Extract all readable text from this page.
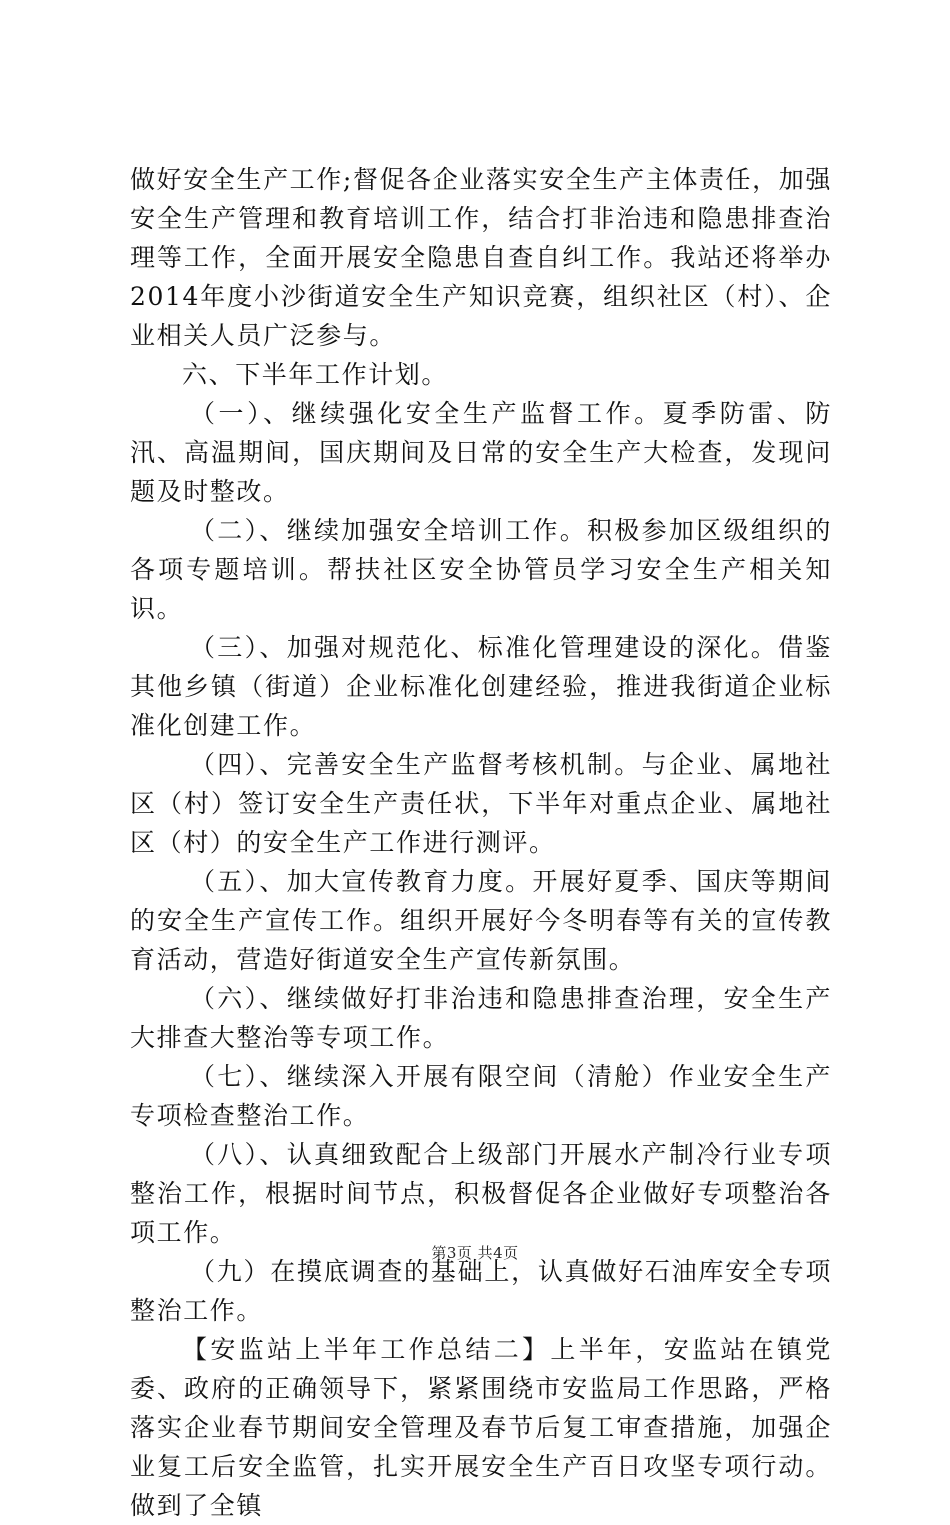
做好安全生产工作;督促各企业落实安全生产主体责任，加强安全生产管理和教育培训工作，结合打非治违和隐患排查治理等工作，全面开展安全隐患自查自纠工作。我站还将举办2014年度小沙街道安全生产知识竞赛，组织社区（村）、企业相关人员广泛参与。

六、下半年工作计划。

（一）、继续强化安全生产监督工作。夏季防雷、防汛、高温期间，国庆期间及日常的安全生产大检查，发现问题及时整改。

（二）、继续加强安全培训工作。积极参加区级组织的各项专题培训。帮扶社区安全协管员学习安全生产相关知识。

（三）、加强对规范化、标准化管理建设的深化。借鉴其他乡镇（街道）企业标准化创建经验，推进我街道企业标准化创建工作。

（四）、完善安全生产监督考核机制。与企业、属地社区（村）签订安全生产责任状，下半年对重点企业、属地社区（村）的安全生产工作进行测评。

（五）、加大宣传教育力度。开展好夏季、国庆等期间的安全生产宣传工作。组织开展好今冬明春等有关的宣传教育活动，营造好街道安全生产宣传新氛围。

（六）、继续做好打非治违和隐患排查治理，安全生产大排查大整治等专项工作。

（七）、继续深入开展有限空间（清舱）作业安全生产专项检查整治工作。

（八）、认真细致配合上级部门开展水产制冷行业专项整治工作，根据时间节点，积极督促各企业做好专项整治各项工作。

（九）在摸底调查的基础上，认真做好石油库安全专项整治工作。

【安监站上半年工作总结二】上半年，安监站在镇党委、政府的正确领导下，紧紧围绕市安监局工作思路，严格落实企业春节期间安全管理及春节后复工审查措施，加强企业复工后安全监管，扎实开展安全生产百日攻坚专项行动。做到了全镇

第3页 共4页
